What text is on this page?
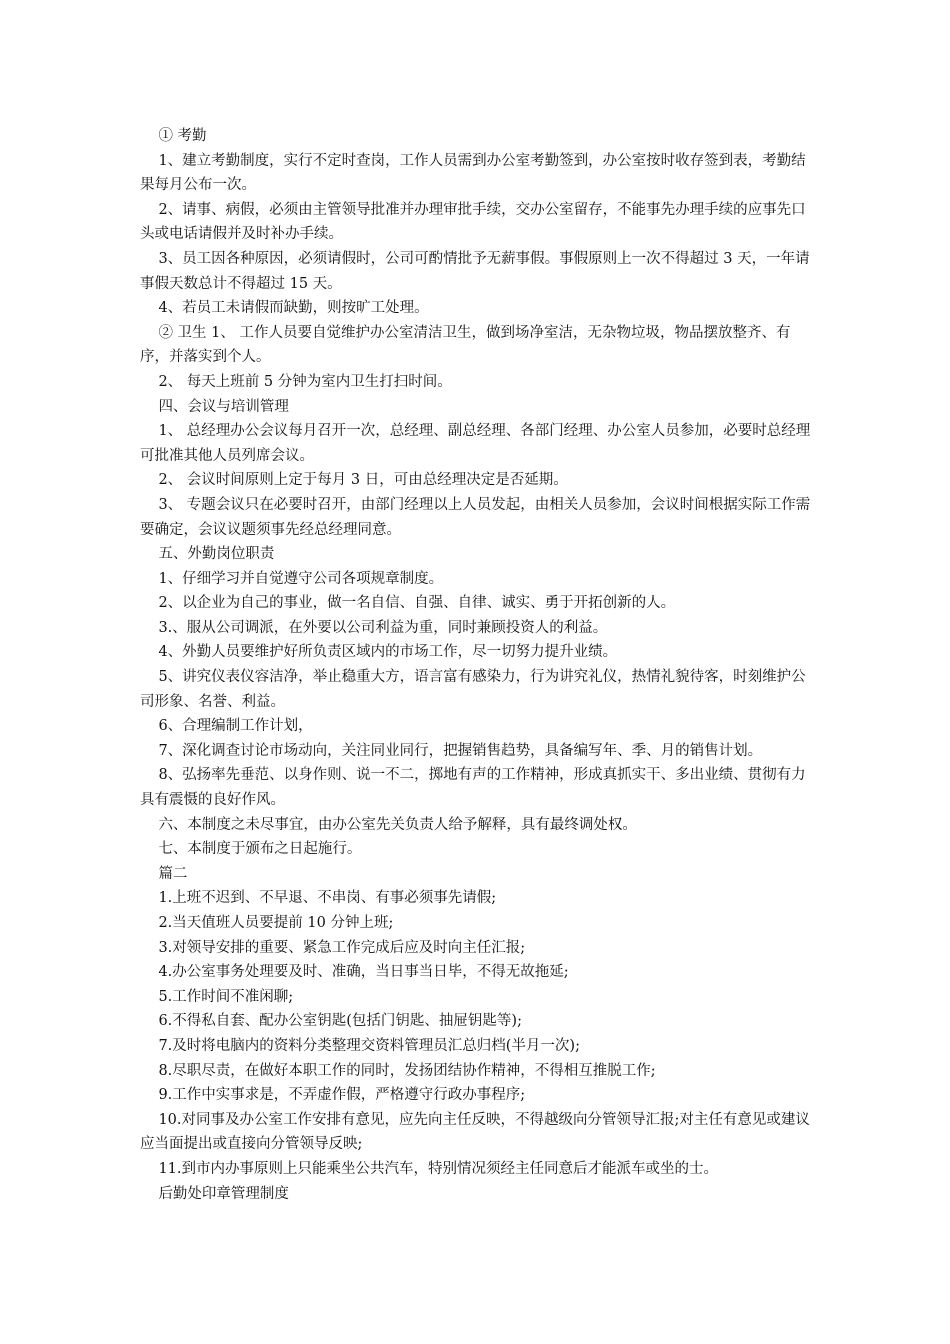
① 考勤

1、建立考勤制度，实行不定时查岗，工作人员需到办公室考勤签到，办公室按时收存签到表，考勤结果每月公布一次。

2、请事、病假，必须由主管领导批准并办理审批手续，交办公室留存，不能事先办理手续的应事先口头或电话请假并及时补办手续。

3、员工因各种原因，必须请假时，公司可酌情批予无薪事假。事假原则上一次不得超过 3 天，一年请事假天数总计不得超过 15 天。

4、若员工未请假而缺勤，则按旷工处理。

② 卫生 1、 工作人员要自觉维护办公室清洁卫生，做到场净室洁，无杂物垃圾，物品摆放整齐、有序，并落实到个人。

2、 每天上班前 5 分钟为室内卫生打扫时间。

四、会议与培训管理

1、 总经理办公会议每月召开一次，总经理、副总经理、各部门经理、办公室人员参加，必要时总经理可批准其他人员列席会议。

2、 会议时间原则上定于每月 3 日，可由总经理决定是否延期。

3、 专题会议只在必要时召开，由部门经理以上人员发起，由相关人员参加，会议时间根据实际工作需要确定，会议议题须事先经总经理同意。

五、外勤岗位职责

1、仔细学习并自觉遵守公司各项规章制度。

2、以企业为自己的事业，做一名自信、自强、自律、诚实、勇于开拓创新的人。

3.、服从公司调派，在外要以公司利益为重，同时兼顾投资人的利益。

4、外勤人员要维护好所负责区域内的市场工作，尽一切努力提升业绩。

5、讲究仪表仪容洁净，举止稳重大方，语言富有感染力，行为讲究礼仪，热情礼貌待客，时刻维护公司形象、名誉、利益。

6、合理编制工作计划，

7、深化调查讨论市场动向，关注同业同行，把握销售趋势，具备编写年、季、月的销售计划。

8、弘扬率先垂范、以身作则、说一不二，掷地有声的工作精神，形成真抓实干、多出业绩、贯彻有力具有震慑的良好作风。

六、本制度之未尽事宜，由办公室先关负责人给予解释，具有最终调处权。

七、本制度于颁布之日起施行。

篇二

1.上班不迟到、不早退、不串岗、有事必须事先请假;

2.当天值班人员要提前 10 分钟上班;

3.对领导安排的重要、紧急工作完成后应及时向主任汇报;

4.办公室事务处理要及时、准确，当日事当日毕，不得无故拖延;

5.工作时间不准闲聊;

6.不得私自套、配办公室钥匙(包括门钥匙、抽屉钥匙等);

7.及时将电脑内的资料分类整理交资料管理员汇总归档(半月一次);

8.尽职尽责，在做好本职工作的同时，发扬团结协作精神，不得相互推脱工作;

9.工作中实事求是，不弄虚作假，严格遵守行政办事程序;

10.对同事及办公室工作安排有意见，应先向主任反映，不得越级向分管领导汇报;对主任有意见或建议应当面提出或直接向分管领导反映;

11.到市内办事原则上只能乘坐公共汽车，特别情况须经主任同意后才能派车或坐的士。

后勤处印章管理制度
